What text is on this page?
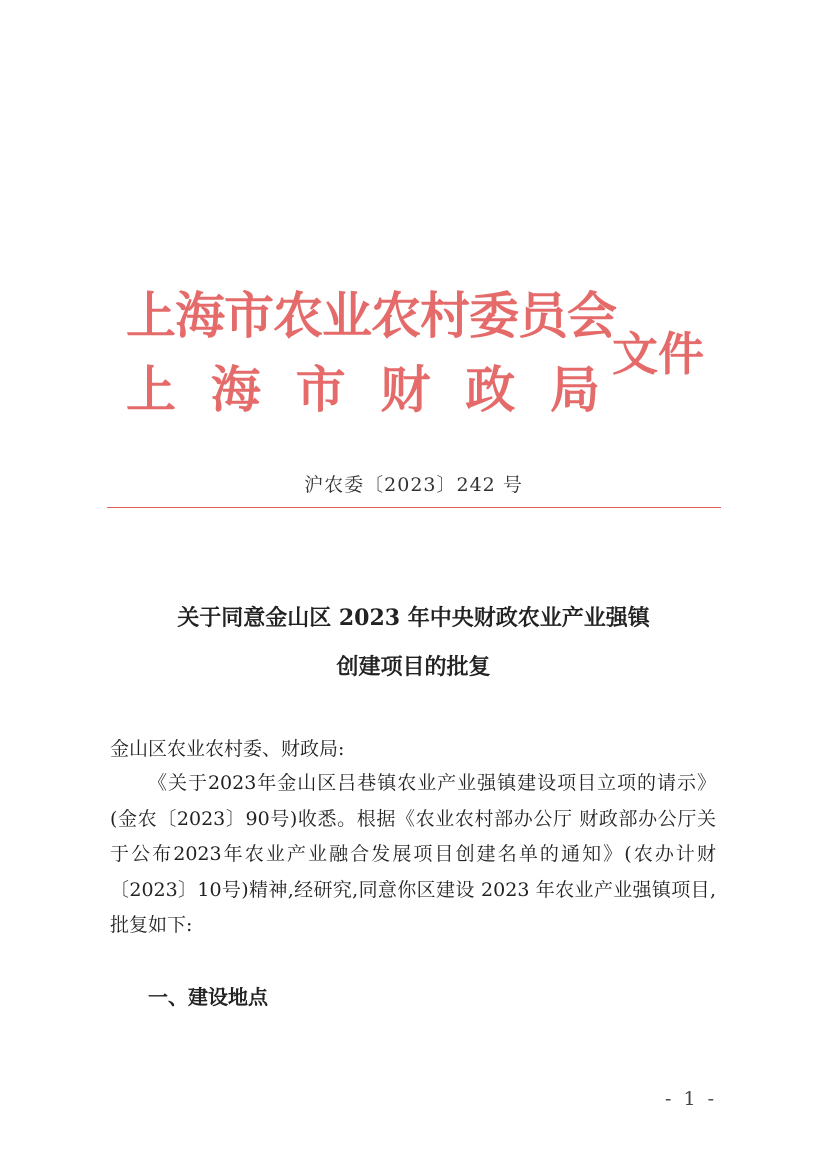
上海市农业农村委员会
上 海 市 财 政 局
文件
沪农委〔2023〕242 号
关于同意金山区 2023 年中央财政农业产业强镇
创建项目的批复
金山区农业农村委、财政局:

《关于2023年金山区吕巷镇农业产业强镇建设项目立项的请示》(金农〔2023〕90号)收悉。根据《农业农村部办公厅 财政部办公厅关于公布2023年农业产业融合发展项目创建名单的通知》(农办计财〔2023〕10号)精神,经研究,同意你区建设 2023 年农业产业强镇项目,批复如下:

一、建设地点
- 1 -
